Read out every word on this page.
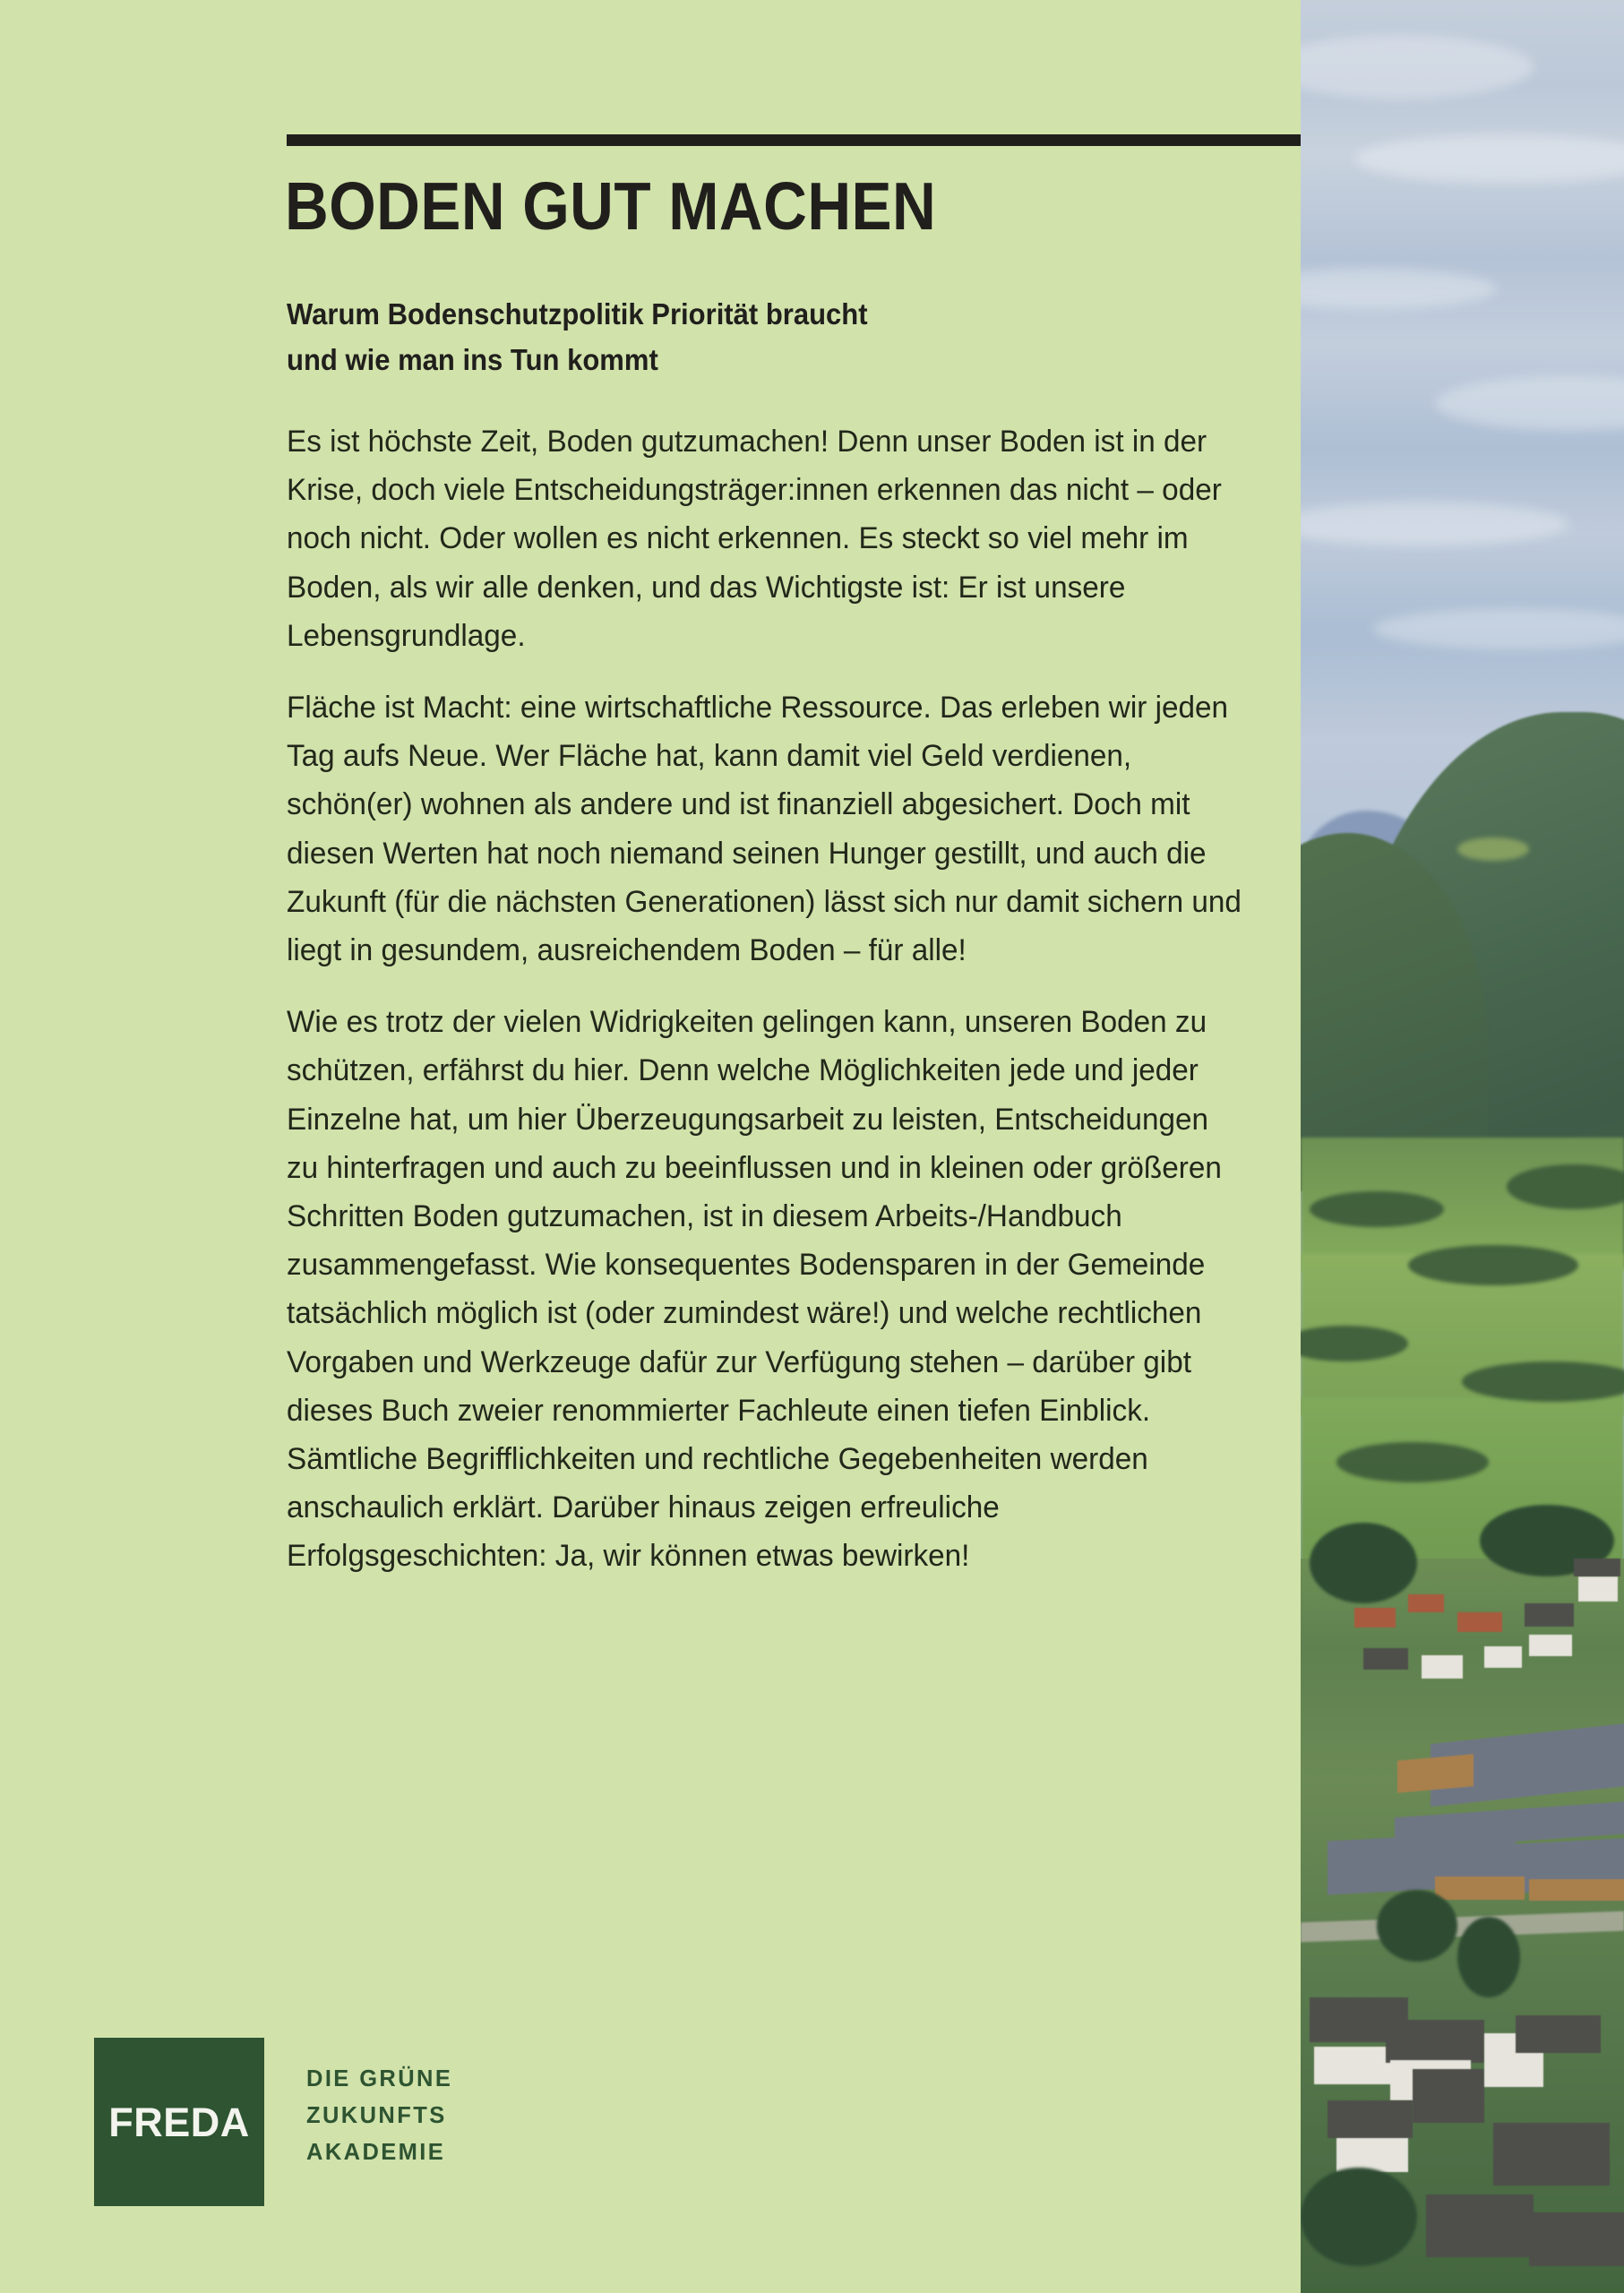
BODEN GUT MACHEN
Warum Bodenschutzpolitik Priorität braucht
und wie man ins Tun kommt

Es ist höchste Zeit, Boden gutzumachen! Denn unser Boden ist in der Krise, doch viele Entscheidungsträger:innen erkennen das nicht – oder noch nicht. Oder wollen es nicht erkennen. Es steckt so viel mehr im Boden, als wir alle denken, und das Wichtigste ist: Er ist unsere Lebensgrundlage.

Fläche ist Macht: eine wirtschaftliche Ressource. Das erleben wir jeden Tag aufs Neue. Wer Fläche hat, kann damit viel Geld verdienen, schön(er) wohnen als andere und ist finanziell abgesichert. Doch mit diesen Werten hat noch niemand seinen Hunger gestillt, und auch die Zukunft (für die nächsten Generationen) lässt sich nur damit sichern und liegt in gesundem, ausreichendem Boden – für alle!

Wie es trotz der vielen Widrigkeiten gelingen kann, unseren Boden zu schützen, erfährst du hier. Denn welche Möglichkeiten jede und jeder Einzelne hat, um hier Überzeugungsarbeit zu leisten, Entscheidungen zu hinterfragen und auch zu beeinflussen und in kleinen oder größeren Schritten Boden gutzumachen, ist in diesem Arbeits-/Handbuch zusammengefasst. Wie konsequentes Bodensparen in der Gemeinde tatsächlich möglich ist (oder zumindest wäre!) und welche rechtlichen Vorgaben und Werkzeuge dafür zur Verfügung stehen – darüber gibt dieses Buch zweier renommierter Fachleute einen tiefen Einblick. Sämtliche Begrifflichkeiten und rechtliche Gegebenheiten werden anschaulich erklärt. Darüber hinaus zeigen erfreuliche Erfolgsgeschichten: Ja, wir können etwas bewirken!

FREDA
DIE GRÜNE
ZUKUNFTS
AKADEMIE
